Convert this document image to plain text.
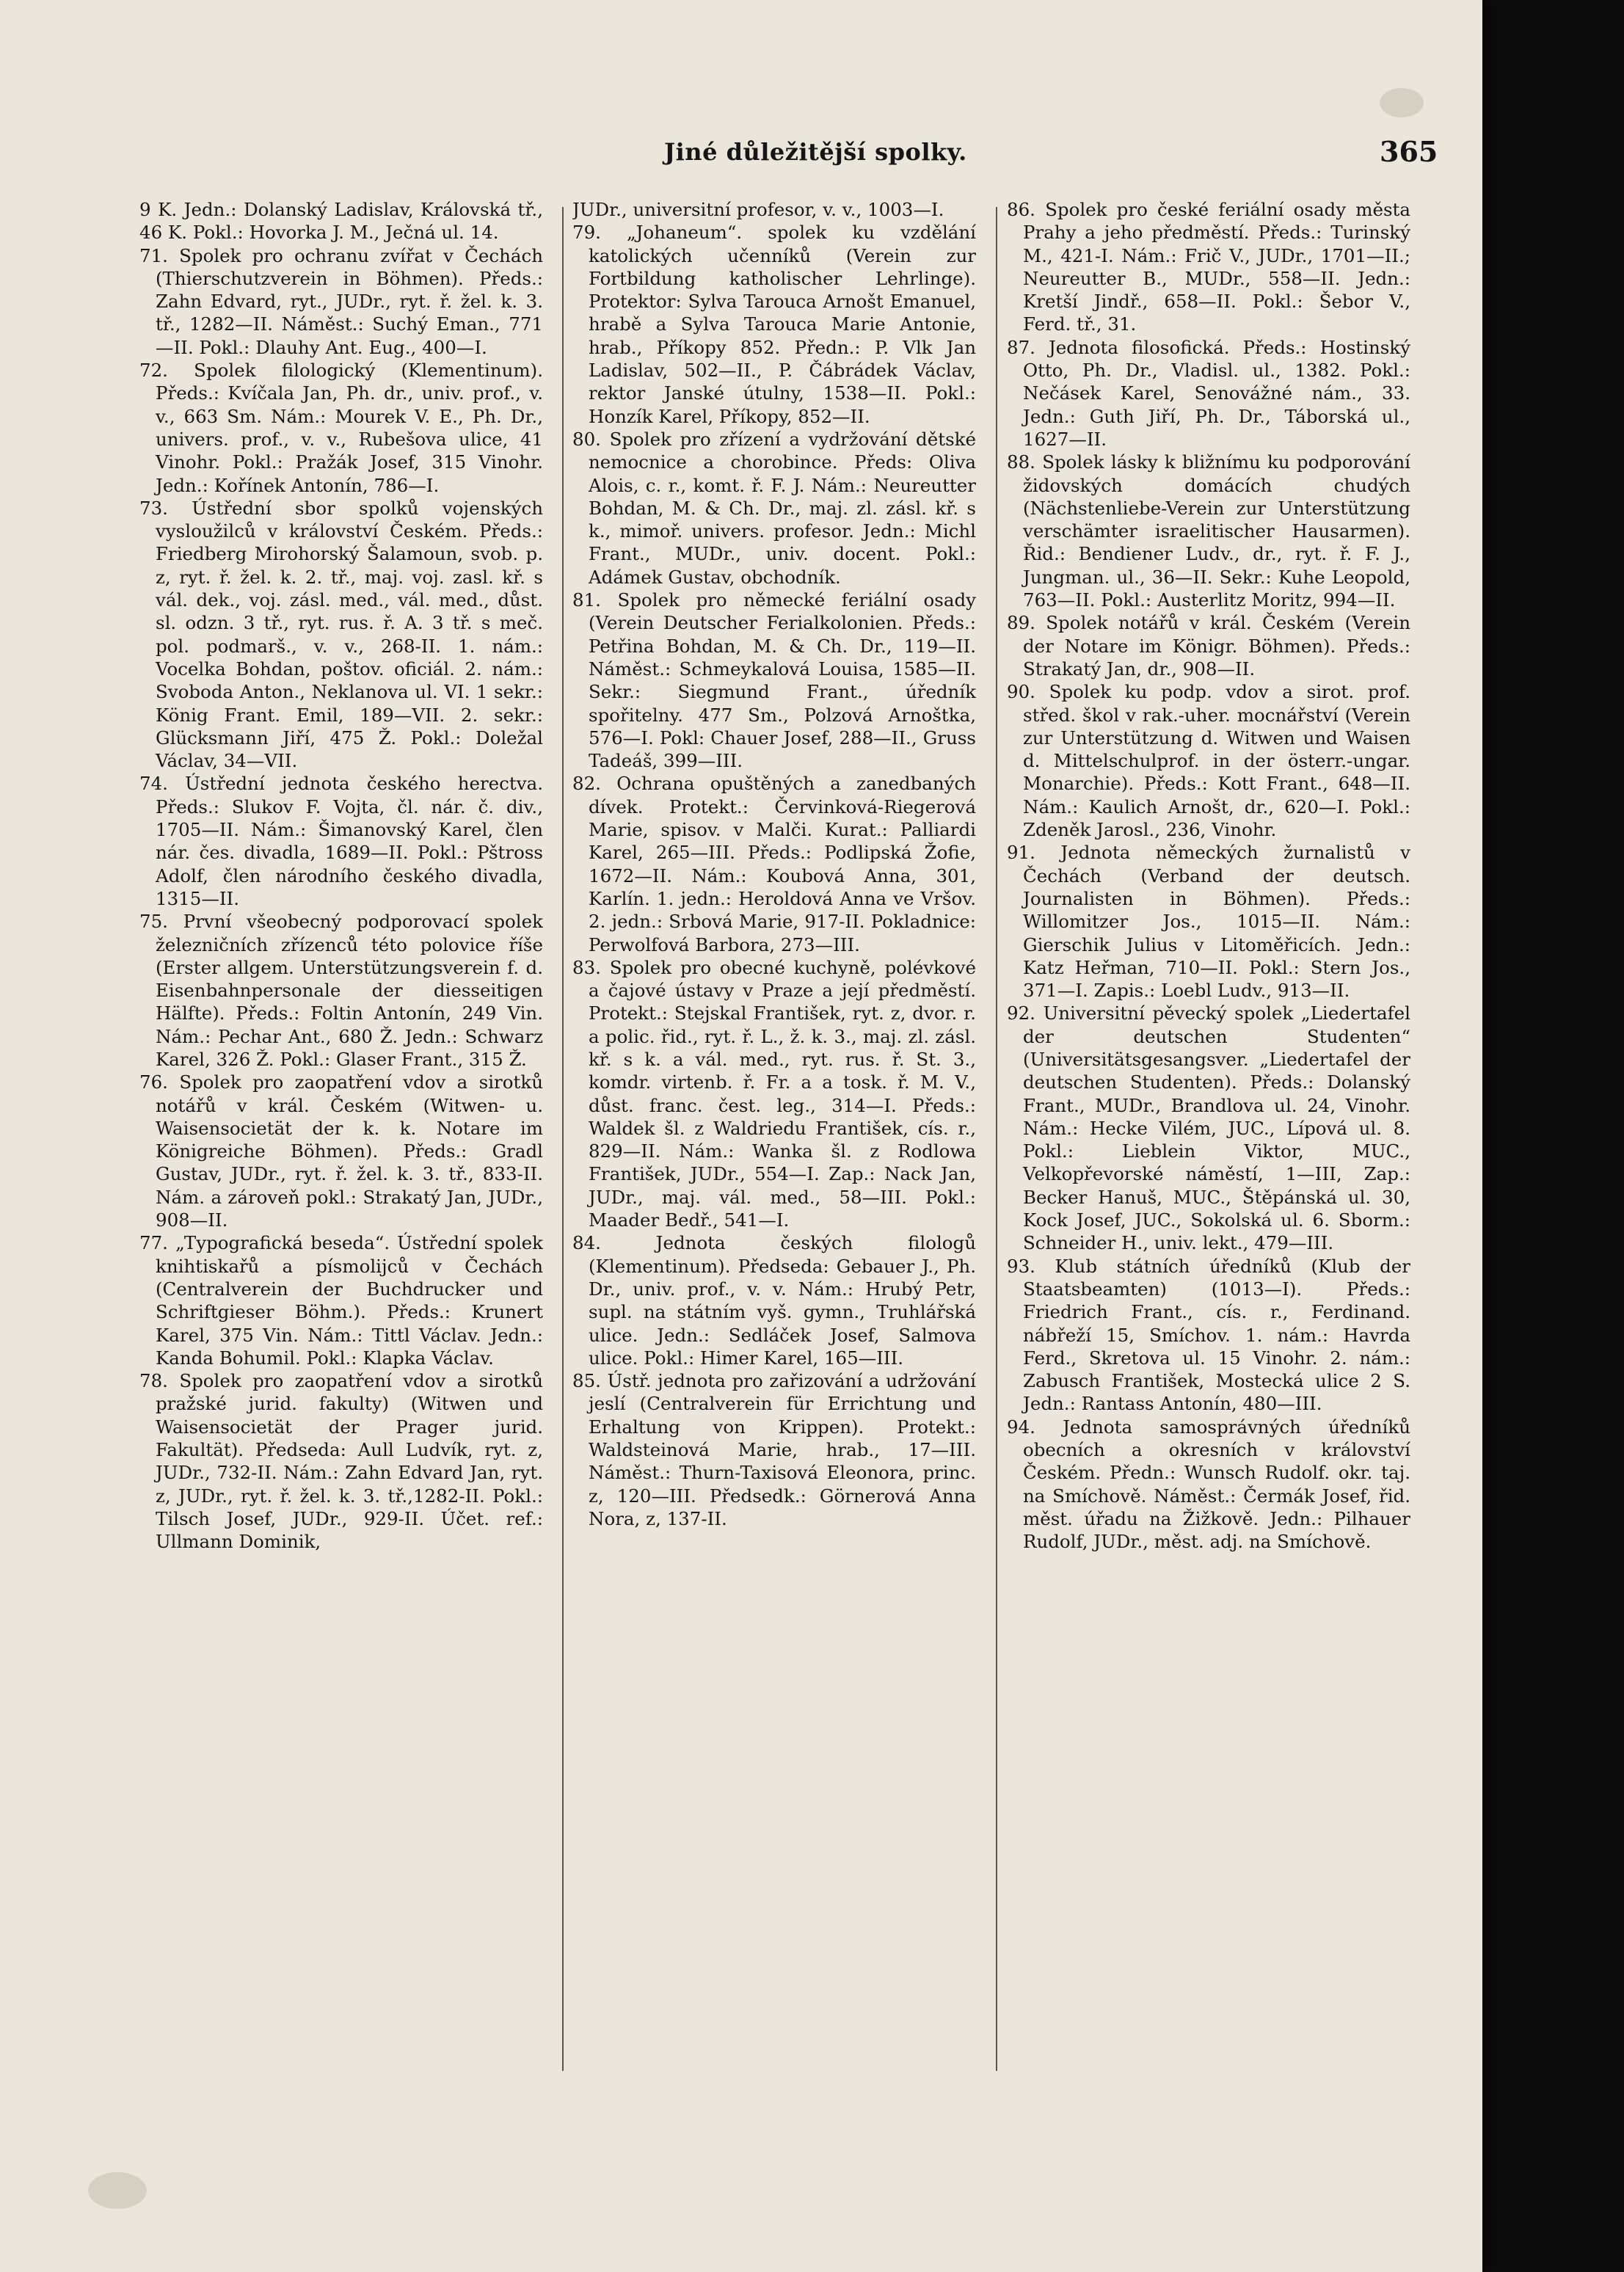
Jiné důležitější spolky.	365

9 K. Jedn.: Dolanský Ladislav, Královská tř., 46 K. Pokl.: Hovorka J. M., Ječná ul. 14.

71. Spolek pro ochranu zvířat v Čechách (Thierschutzverein in Böhmen). Předs.: Zahn Edvard, ryt., JUDr., ryt. ř. žel. k. 3. tř., 1282—II. Náměst.: Suchý Eman., 771—II. Pokl.: Dlauhy Ant. Eug., 400—I.

72. Spolek filologický (Klementinum). Předs.: Kvíčala Jan, Ph. dr., univ. prof., v. v., 663 Sm. Nám.: Mourek V. E., Ph. Dr., univers. prof., v. v., Rubešova ulice, 41 Vinohr. Pokl.: Pražák Josef, 315 Vinohr. Jedn.: Kořínek Antonín, 786—I.

73. Ústřední sbor spolků vojenských vysloužilců v království Českém. Předs.: Friedberg Mirohorský Šalamoun, svob. p. z, ryt. ř. žel. k. 2. tř., maj. voj. zasl. kř. s vál. dek., voj. zásl. med., vál. med., důst. sl. odzn. 3 tř., ryt. rus. ř. A. 3 tř. s meč. pol. podmarš., v. v., 268-II. 1. nám.: Vocelka Bohdan, poštov. oficiál. 2. nám.: Svoboda Anton., Neklanova ul. VI. 1 sekr.: König Frant. Emil, 189—VII. 2. sekr.: Glücksmann Jiří, 475 Ž. Pokl.: Doležal Václav, 34—VII.

74. Ústřední jednota českého herectva. Předs.: Slukov F. Vojta, čl. nár. č. div., 1705—II. Nám.: Šimanovský Karel, člen nár. čes. divadla, 1689—II. Pokl.: Pštross Adolf, člen národního českého divadla, 1315—II.

75. První všeobecný podporovací spolek železničních zřízenců této polovice říše (Erster allgem. Unterstützungsverein f. d. Eisenbahnpersonale der diesseitigen Hälfte). Předs.: Foltin Antonín, 249 Vin. Nám.: Pechar Ant., 680 Ž. Jedn.: Schwarz Karel, 326 Ž. Pokl.: Glaser Frant., 315 Ž.

76. Spolek pro zaopatření vdov a sirotků notářů v král. Českém (Witwen- u. Waisensocietät der k. k. Notare im Königreiche Böhmen). Předs.: Gradl Gustav, JUDr., ryt. ř. žel. k. 3. tř., 833-II. Nám. a zároveň pokl.: Strakatý Jan, JUDr., 908—II.

77. „Typografická beseda“. Ústřední spolek knihtiskařů a písmolijců v Čechách (Centralverein der Buchdrucker und Schriftgieser Böhm.). Předs.: Krunert Karel, 375 Vin. Nám.: Tittl Václav. Jedn.: Kanda Bohumil. Pokl.: Klapka Václav.

78. Spolek pro zaopatření vdov a sirotků pražské jurid. fakulty) (Witwen und Waisensocietät der Prager jurid. Fakultät). Předseda: Aull Ludvík, ryt. z, JUDr., 732-II. Nám.: Zahn Edvard Jan, ryt. z, JUDr., ryt. ř. žel. k. 3. tř.,1282-II. Pokl.: Tilsch Josef, JUDr., 929-II. Účet. ref.: Ullmann Dominik,

JUDr., universitní profesor, v. v., 1003—I.

79. „Johaneum“. spolek ku vzdělání katolických učenníků (Verein zur Fortbildung katholischer Lehrlinge). Protektor: Sylva Tarouca Arnošt Emanuel, hrabě a Sylva Tarouca Marie Antonie, hrab., Příkopy 852. Předn.: P. Vlk Jan Ladislav, 502—II., P. Čábrádek Václav, rektor Janské útulny, 1538—II. Pokl.: Honzík Karel, Příkopy, 852—II.

80. Spolek pro zřízení a vydržování dětské nemocnice a chorobince. Předs: Oliva Alois, c. r., komt. ř. F. J. Nám.: Neureutter Bohdan, M. & Ch. Dr., maj. zl. zásl. kř. s k., mimoř. univers. profesor. Jedn.: Michl Frant., MUDr., univ. docent. Pokl.: Adámek Gustav, obchodník.

81. Spolek pro německé feriální osady (Verein Deutscher Ferialkolonien. Předs.: Petřina Bohdan, M. & Ch. Dr., 119—II. Náměst.: Schmeykalová Louisa, 1585—II. Sekr.: Siegmund Frant., úředník spořitelny. 477 Sm., Polzová Arnoštka, 576—I. Pokl: Chauer Josef, 288—II., Gruss Tadeáš, 399—III.

82. Ochrana opuštěných a zanedbaných dívek. Protekt.: Červinková-Riegerová Marie, spisov. v Malči. Kurat.: Palliardi Karel, 265—III. Předs.: Podlipská Žofie, 1672—II. Nám.: Koubová Anna, 301, Karlín. 1. jedn.: Heroldová Anna ve Vršov. 2. jedn.: Srbová Marie, 917-II. Pokladnice: Perwolfová Barbora, 273—III.

83. Spolek pro obecné kuchyně, polévkové a čajové ústavy v Praze a její předměstí. Protekt.: Stejskal František, ryt. z, dvor. r. a polic. řid., ryt. ř. L., ž. k. 3., maj. zl. zásl. kř. s k. a vál. med., ryt. rus. ř. St. 3., komdr. virtenb. ř. Fr. a a tosk. ř. M. V., důst. franc. čest. leg., 314—I. Předs.: Waldek šl. z Waldriedu František, cís. r., 829—II. Nám.: Wanka šl. z Rodlowa František, JUDr., 554—I. Zap.: Nack Jan, JUDr., maj. vál. med., 58—III. Pokl.: Maader Bedř., 541—I.

84. Jednota českých filologů (Klementinum). Předseda: Gebauer J., Ph. Dr., univ. prof., v. v. Nám.: Hrubý Petr, supl. na státním vyš. gymn., Truhlářská ulice. Jedn.: Sedláček Josef, Salmova ulice. Pokl.: Himer Karel, 165—III.

85. Ústř. jednota pro zařizování a udržování jeslí (Centralverein für Errichtung und Erhaltung von Krippen). Protekt.: Waldsteinová Marie, hrab., 17—III. Náměst.: Thurn-Taxisová Eleonora, princ. z, 120—III. Předsedk.: Görnerová Anna Nora, z, 137-II.

86. Spolek pro české feriální osady města Prahy a jeho předměstí. Předs.: Turinský M., 421-I. Nám.: Frič V., JUDr., 1701—II.; Neureutter B., MUDr., 558—II. Jedn.: Kretší Jindř., 658—II. Pokl.: Šebor V., Ferd. tř., 31.

87. Jednota filosofická. Předs.: Hostinský Otto, Ph. Dr., Vladisl. ul., 1382. Pokl.: Nečásek Karel, Senovážné nám., 33. Jedn.: Guth Jiří, Ph. Dr., Táborská ul., 1627—II.

88. Spolek lásky k bližnímu ku podporování židovských domácích chudých (Nächstenliebe-Verein zur Unterstützung verschämter israelitischer Hausarmen). Řid.: Bendiener Ludv., dr., ryt. ř. F. J., Jungman. ul., 36—II. Sekr.: Kuhe Leopold, 763—II. Pokl.: Austerlitz Moritz, 994—II.

89. Spolek notářů v král. Českém (Verein der Notare im Königr. Böhmen). Předs.: Strakatý Jan, dr., 908—II.

90. Spolek ku podp. vdov a sirot. prof. střed. škol v rak.-uher. mocnářství (Verein zur Unterstützung d. Witwen und Waisen d. Mittelschulprof. in der österr.-ungar. Monarchie). Předs.: Kott Frant., 648—II. Nám.: Kaulich Arnošt, dr., 620—I. Pokl.: Zdeněk Jarosl., 236, Vinohr.

91. Jednota německých žurnalistů v Čechách (Verband der deutsch. Journalisten in Böhmen). Předs.: Willomitzer Jos., 1015—II. Nám.: Gierschik Julius v Litoměřicích. Jedn.: Katz Heřman, 710—II. Pokl.: Stern Jos., 371—I. Zapis.: Loebl Ludv., 913—II.

92. Universitní pěvecký spolek „Liedertafel der deutschen Studenten“ (Universitätsgesangsver. „Liedertafel der deutschen Studenten). Předs.: Dolanský Frant., MUDr., Brandlova ul. 24, Vinohr. Nám.: Hecke Vilém, JUC., Lípová ul. 8. Pokl.: Lieblein Viktor, MUC., Velkopřevorské náměstí, 1—III, Zap.: Becker Hanuš, MUC., Štěpánská ul. 30, Kock Josef, JUC., Sokolská ul. 6. Sborm.: Schneider H., univ. lekt., 479—III.

93. Klub státních úředníků (Klub der Staatsbeamten) (1013—I). Předs.: Friedrich Frant., cís. r., Ferdinand. nábřeží 15, Smíchov. 1. nám.: Havrda Ferd., Skretova ul. 15 Vinohr. 2. nám.: Zabusch František, Mostecká ulice 2 S. Jedn.: Rantass Antonín, 480—III.

94. Jednota samosprávných úředníků obecních a okresních v království Českém. Předn.: Wunsch Rudolf. okr. taj. na Smíchově. Náměst.: Čermák Josef, řid. měst. úřadu na Žižkově. Jedn.: Pilhauer Rudolf, JUDr., měst. adj. na Smíchově.
